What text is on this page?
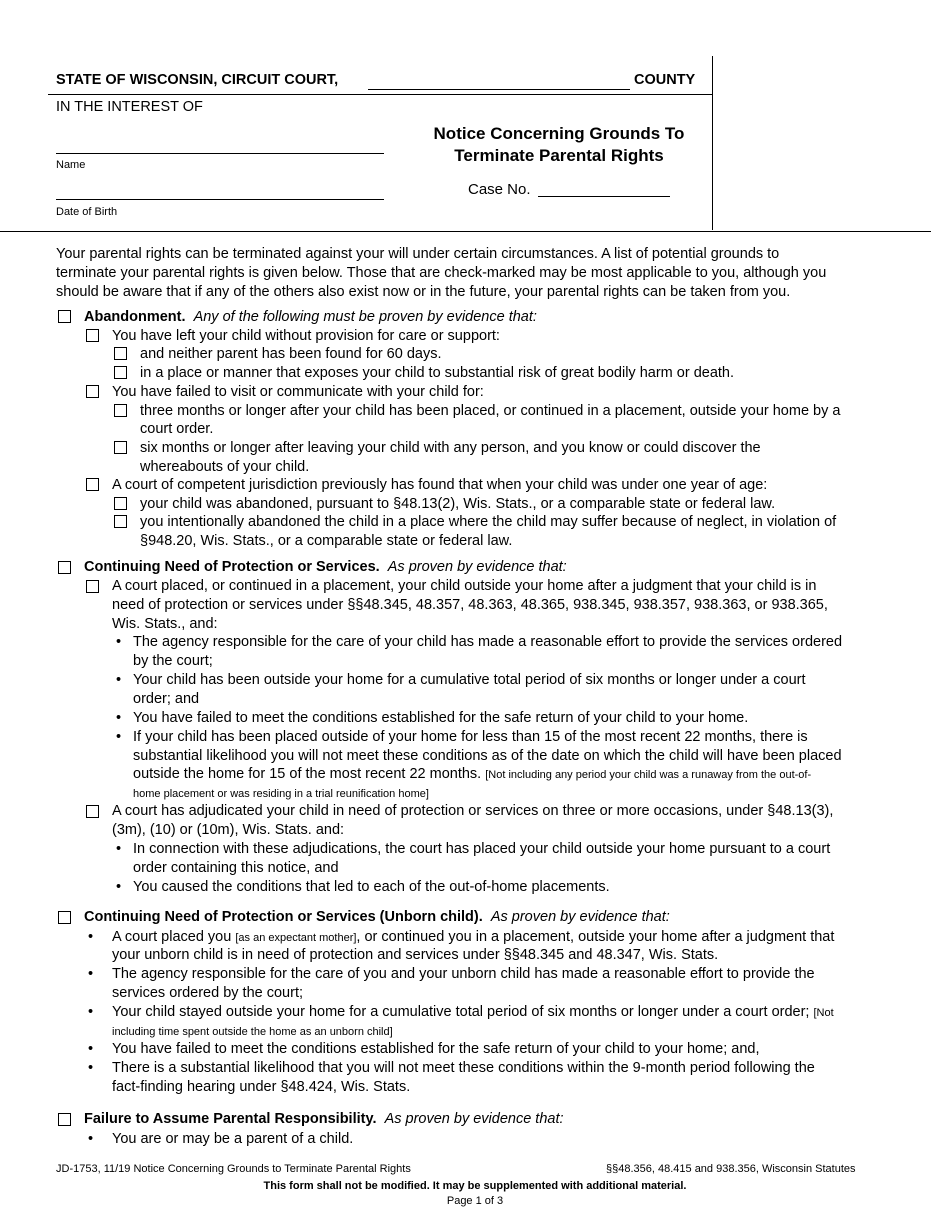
STATE OF WISCONSIN, CIRCUIT COURT,	COUNTY
IN THE INTEREST OF
Name
Date of Birth
Notice Concerning Grounds To
Terminate Parental Rights
Case No.
Your parental rights can be terminated against your will under certain circumstances. A list of potential grounds to
terminate your parental rights is given below. Those that are check-marked may be most applicable to you, although you
should be aware that if any of the others also exist now or in the future, your parental rights can be taken from you.
Abandonment. Any of the following must be proven by evidence that:
You have left your child without provision for care or support:
and neither parent has been found for 60 days.
in a place or manner that exposes your child to substantial risk of great bodily harm or death.
You have failed to visit or communicate with your child for:
three months or longer after your child has been placed, or continued in a placement, outside your home by a
court order.
six months or longer after leaving your child with any person, and you know or could discover the
whereabouts of your child.
A court of competent jurisdiction previously has found that when your child was under one year of age:
your child was abandoned, pursuant to §48.13(2), Wis. Stats., or a comparable state or federal law.
you intentionally abandoned the child in a place where the child may suffer because of neglect, in violation of
§948.20, Wis. Stats., or a comparable state or federal law.
Continuing Need of Protection or Services. As proven by evidence that:
A court placed, or continued in a placement, your child outside your home after a judgment that your child is in
need of protection or services under §§48.345, 48.357, 48.363, 48.365, 938.345, 938.357, 938.363, or 938.365,
Wis. Stats., and:
• The agency responsible for the care of your child has made a reasonable effort to provide the services ordered
by the court;
• Your child has been outside your home for a cumulative total period of six months or longer under a court
order; and
• You have failed to meet the conditions established for the safe return of your child to your home.
• If your child has been placed outside of your home for less than 15 of the most recent 22 months, there is
substantial likelihood you will not meet these conditions as of the date on which the child will have been placed
outside the home for 15 of the most recent 22 months. [Not including any period your child was a runaway from the out-of-
home placement or was residing in a trial reunification home]
A court has adjudicated your child in need of protection or services on three or more occasions, under §48.13(3),
(3m), (10) or (10m), Wis. Stats. and:
• In connection with these adjudications, the court has placed your child outside your home pursuant to a court
order containing this notice, and
• You caused the conditions that led to each of the out-of-home placements.
Continuing Need of Protection or Services (Unborn child). As proven by evidence that:
• A court placed you [as an expectant mother], or continued you in a placement, outside your home after a judgment that
your unborn child is in need of protection and services under §§48.345 and 48.347, Wis. Stats.
• The agency responsible for the care of you and your unborn child has made a reasonable effort to provide the
services ordered by the court;
• Your child stayed outside your home for a cumulative total period of six months or longer under a court order; [Not
including time spent outside the home as an unborn child]
• You have failed to meet the conditions established for the safe return of your child to your home; and,
• There is a substantial likelihood that you will not meet these conditions within the 9-month period following the
fact-finding hearing under §48.424, Wis. Stats.
Failure to Assume Parental Responsibility. As proven by evidence that:
• You are or may be a parent of a child.
JD-1753, 11/19 Notice Concerning Grounds to Terminate Parental Rights	§§48.356, 48.415 and 938.356, Wisconsin Statutes
This form shall not be modified. It may be supplemented with additional material.
Page 1 of 3
